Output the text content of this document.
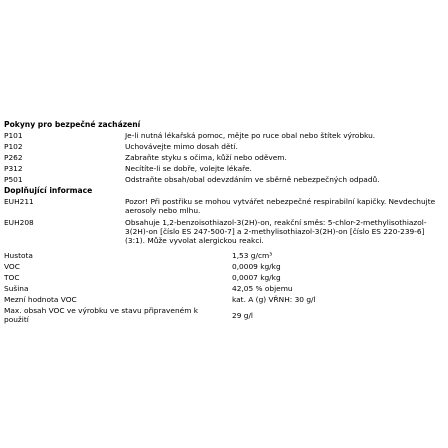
Pokyny pro bezpečné zacházení
P101	Je-li nutná lékařská pomoc, mějte po ruce obal nebo štítek výrobku.
P102	Uchovávejte mimo dosah dětí.
P262	Zabraňte styku s očima, kůží nebo oděvem.
P312	Necítíte-li se dobře, volejte lékaře.
P501	Odstraňte obsah/obal odevzdáním ve sběrně nebezpečných odpadů.
Doplňující informace
EUH211	Pozor! Při postřiku se mohou vytvářet nebezpečné respirabilní kapičky. Nevdechujte aerosoly nebo mlhu.
EUH208	Obsahuje 1,2-benzoisothiazol-3(2H)-on, reakční směs: 5-chlor-2-methylisothiazol-3(2H)-on [číslo ES 247-500-7] a 2-methylisothiazol-3(2H)-on [číslo ES 220-239-6] (3:1). Může vyvolat alergickou reakci.
Hustota	1,53 g/cm³
VOC	0,0009 kg/kg
TOC	0,0007 kg/kg
Sušina	42,05 % objemu
Mezní hodnota VOC	kat. A (g) VŘNH: 30 g/l
Max. obsah VOC ve výrobku ve stavu připraveném k použití	29 g/l
